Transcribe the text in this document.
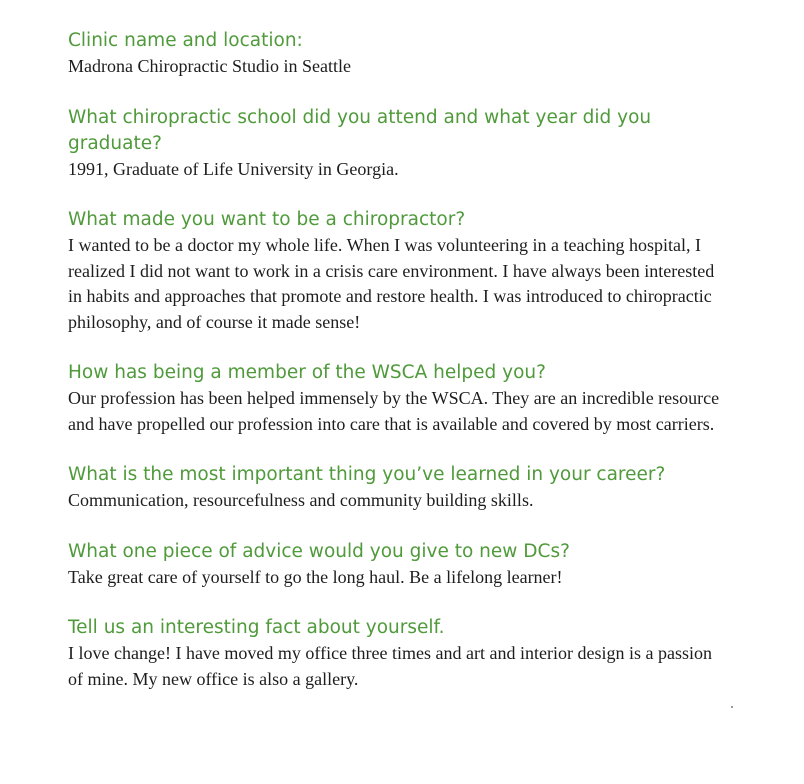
Clinic name and location:

Madrona Chiropractic Studio in Seattle

What chiropractic school did you attend and what year did you graduate?

1991, Graduate of Life University in Georgia.

What made you want to be a chiropractor?

I wanted to be a doctor my whole life. When I was volunteering in a teaching hospital, I realized I did not want to work in a crisis care environment. I have always been interested in habits and approaches that promote and restore health. I was introduced to chiropractic philosophy, and of course it made sense!

How has being a member of the WSCA helped you?

Our profession has been helped immensely by the WSCA. They are an incredible resource and have propelled our profession into care that is available and covered by most carriers.

What is the most important thing you’ve learned in your career?

Communication, resourcefulness and community building skills.

What one piece of advice would you give to new DCs?

Take great care of yourself to go the long haul. Be a lifelong learner!

Tell us an interesting fact about yourself.

I love change! I have moved my office three times and art and interior design is a passion of mine. My new office is also a gallery.
